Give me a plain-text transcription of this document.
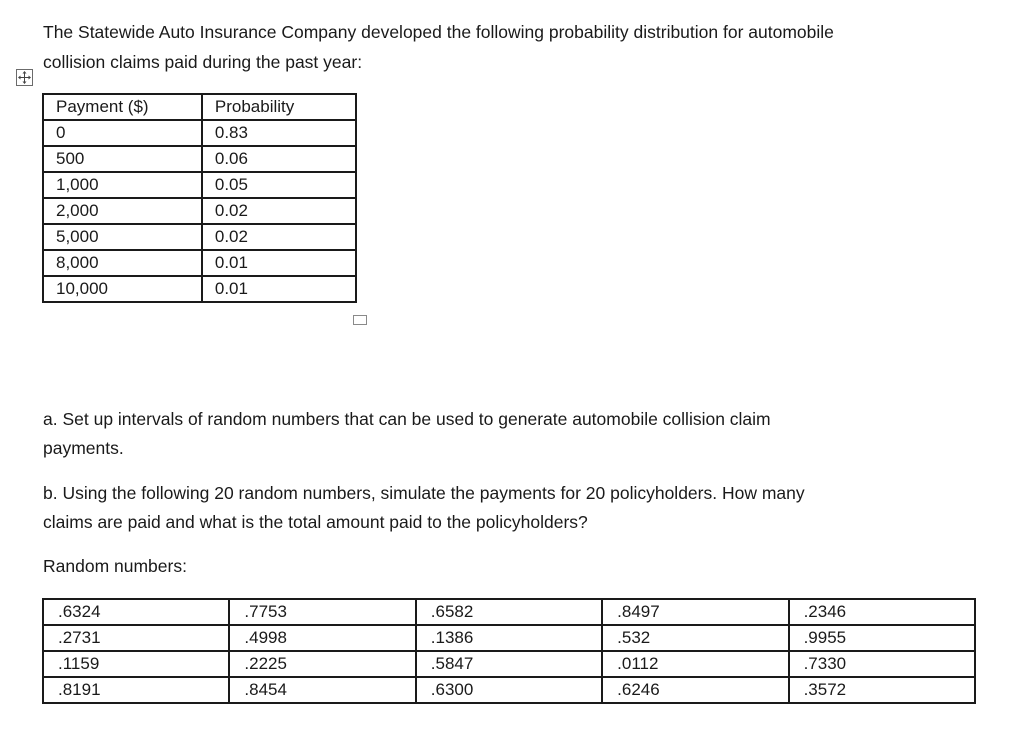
The Statewide Auto Insurance Company developed the following probability distribution for automobile
collision claims paid during the past year:
Payment ($)	Probability
0	0.83
500	0.06
1,000	0.05
2,000	0.02
5,000	0.02
8,000	0.01
10,000	0.01
a. Set up intervals of random numbers that can be used to generate automobile collision claim
payments.
b. Using the following 20 random numbers, simulate the payments for 20 policyholders. How many
claims are paid and what is the total amount paid to the policyholders?
Random numbers:
.6324	.7753	.6582	.8497	.2346
.2731	.4998	.1386	.532	.9955
.1159	.2225	.5847	.0112	.7330
.8191	.8454	.6300	.6246	.3572
